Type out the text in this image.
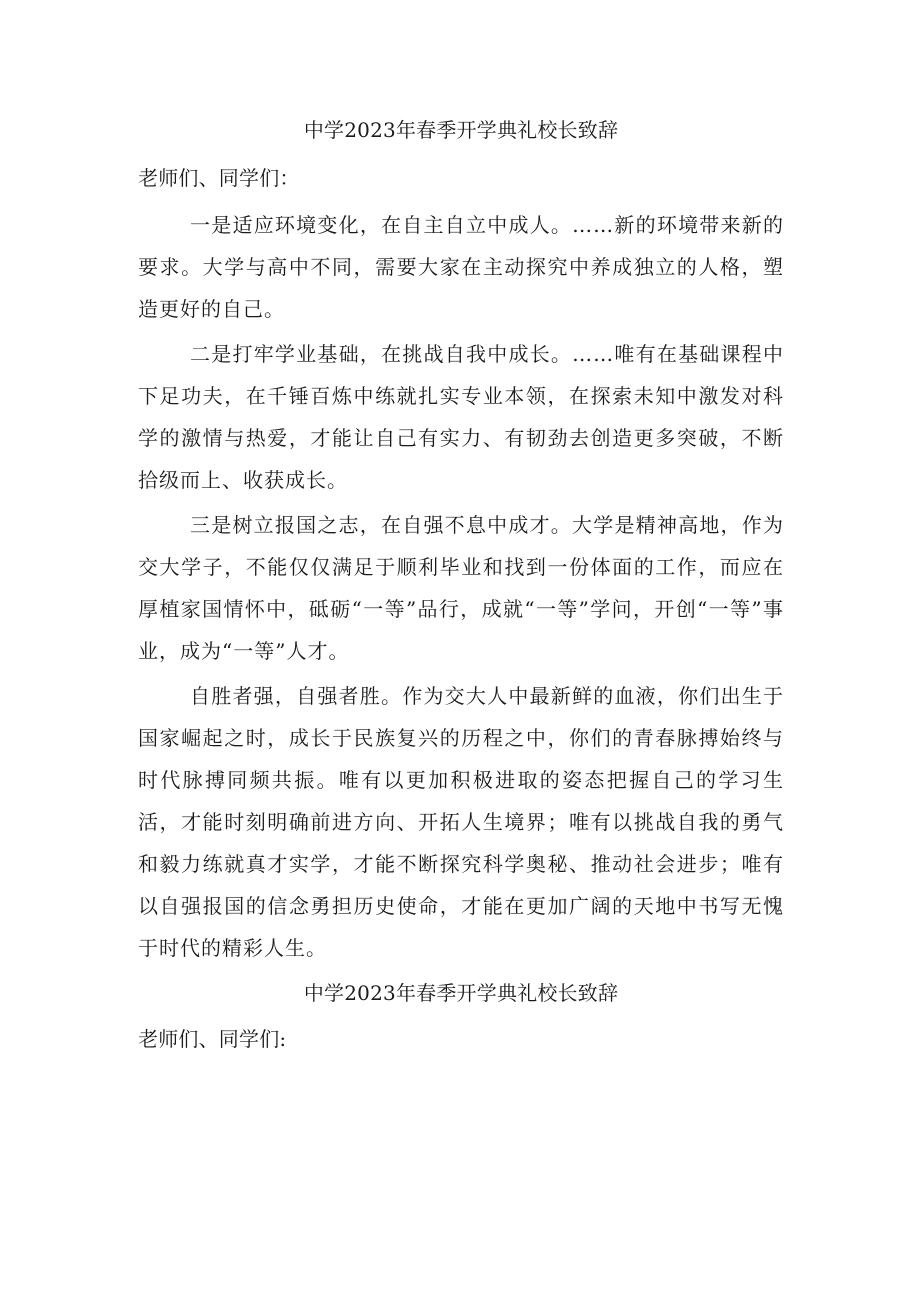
中学2023年春季开学典礼校长致辞

老师们、同学们：

一是适应环境变化，在自主自立中成人。……新的环境带来新的要求。大学与高中不同，需要大家在主动探究中养成独立的人格，塑造更好的自己。

二是打牢学业基础，在挑战自我中成长。……唯有在基础课程中下足功夫，在千锤百炼中练就扎实专业本领，在探索未知中激发对科学的激情与热爱，才能让自己有实力、有韧劲去创造更多突破，不断拾级而上、收获成长。

三是树立报国之志，在自强不息中成才。大学是精神高地，作为交大学子，不能仅仅满足于顺利毕业和找到一份体面的工作，而应在厚植家国情怀中，砥砺“一等”品行，成就“一等”学问，开创“一等”事业，成为“一等”人才。

自胜者强，自强者胜。作为交大人中最新鲜的血液，你们出生于国家崛起之时，成长于民族复兴的历程之中，你们的青春脉搏始终与时代脉搏同频共振。唯有以更加积极进取的姿态把握自己的学习生活，才能时刻明确前进方向、开拓人生境界；唯有以挑战自我的勇气和毅力练就真才实学，才能不断探究科学奥秘、推动社会进步；唯有以自强报国的信念勇担历史使命，才能在更加广阔的天地中书写无愧于时代的精彩人生。

中学2023年春季开学典礼校长致辞

老师们、同学们:
